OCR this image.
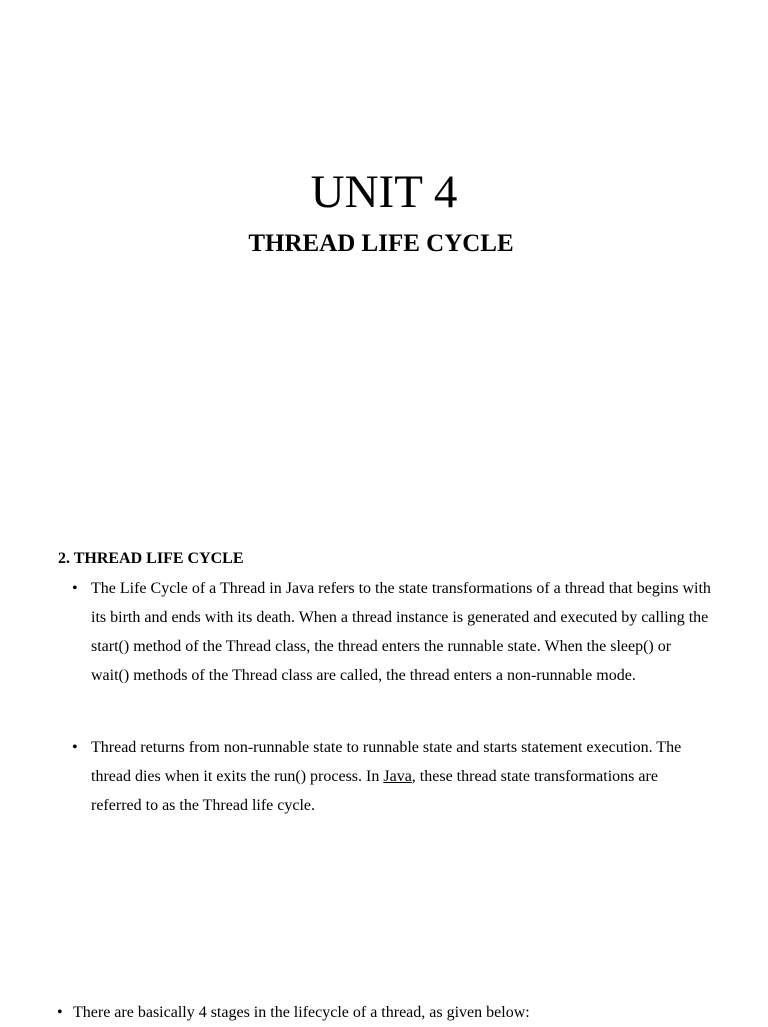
UNIT 4
THREAD LIFE CYCLE
2. THREAD LIFE CYCLE
• The Life Cycle of a Thread in Java refers to the state transformations of a thread that begins with its birth and ends with its death. When a thread instance is generated and executed by calling the start() method of the Thread class, the thread enters the runnable state. When the sleep() or wait() methods of the Thread class are called, the thread enters a non-runnable mode.
• Thread returns from non-runnable state to runnable state and starts statement execution. The thread dies when it exits the run() process. In Java, these thread state transformations are referred to as the Thread life cycle.
• There are basically 4 stages in the lifecycle of a thread, as given below:
